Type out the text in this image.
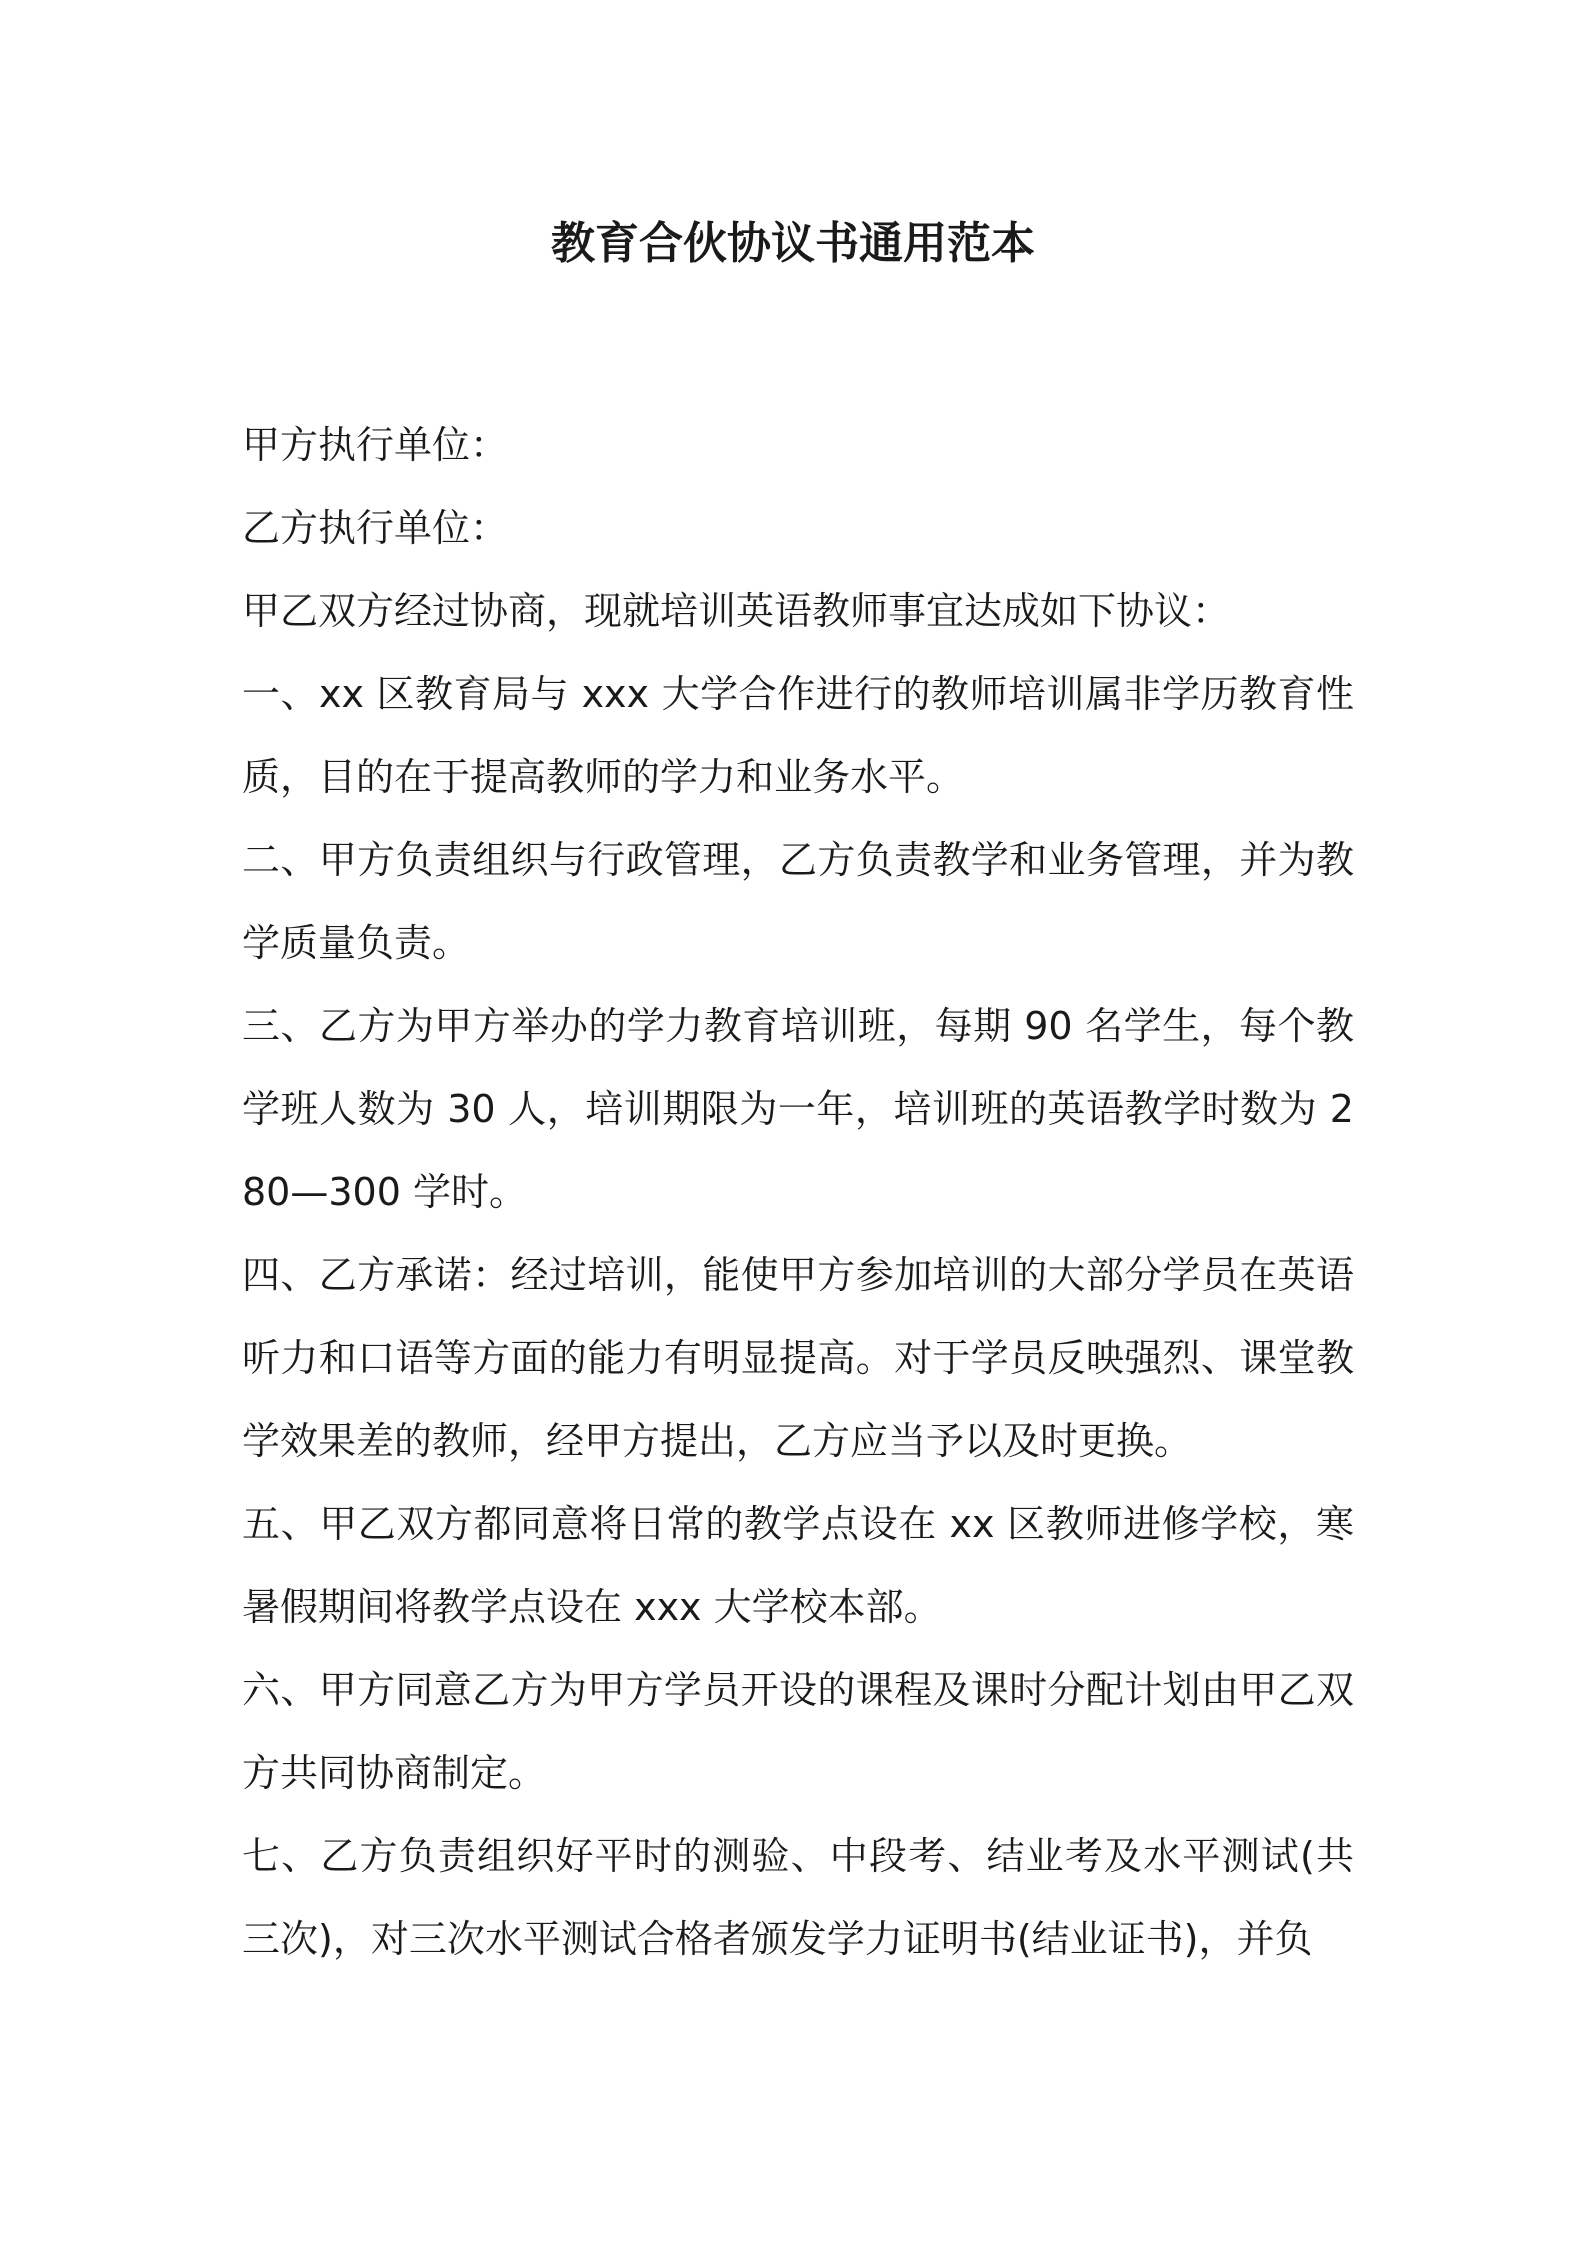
教育合伙协议书通用范本

甲方执行单位：

乙方执行单位：

甲乙双方经过协商，现就培训英语教师事宜达成如下协议：

一、xx 区教育局与 xxx 大学合作进行的教师培训属非学历教育性质，目的在于提高教师的学力和业务水平。

二、甲方负责组织与行政管理，乙方负责教学和业务管理，并为教学质量负责。

三、乙方为甲方举办的学力教育培训班，每期 90 名学生，每个教学班人数为 30 人，培训期限为一年，培训班的英语教学时数为 280—300 学时。

四、乙方承诺：经过培训，能使甲方参加培训的大部分学员在英语听力和口语等方面的能力有明显提高。对于学员反映强烈、课堂教学效果差的教师，经甲方提出，乙方应当予以及时更换。

五、甲乙双方都同意将日常的教学点设在 xx 区教师进修学校，寒暑假期间将教学点设在 xxx 大学校本部。

六、甲方同意乙方为甲方学员开设的课程及课时分配计划由甲乙双方共同协商制定。

七、乙方负责组织好平时的测验、中段考、结业考及水平测试(共三次)，对三次水平测试合格者颁发学力证明书(结业证书)，并负
